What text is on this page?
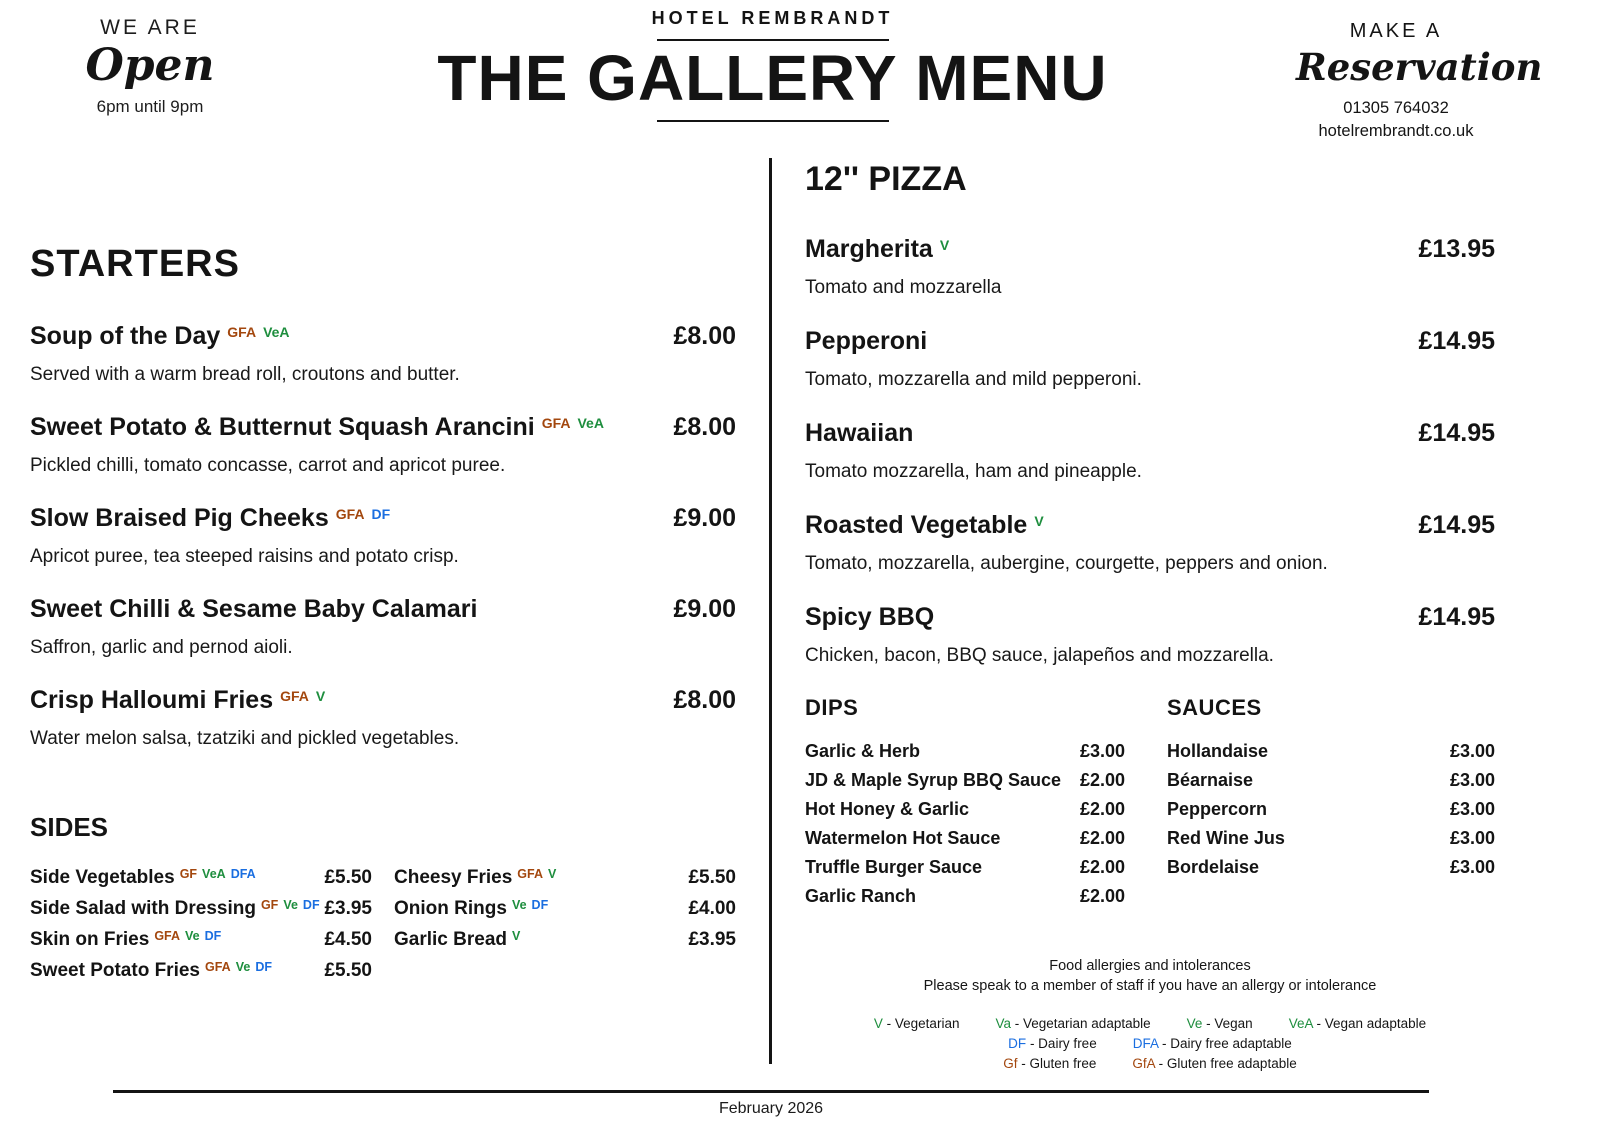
WE ARE
Open
6pm until 9pm
HOTEL REMBRANDT
THE GALLERY MENU
MAKE A
Reservation
01305 764032
hotelrembrandt.co.uk
STARTERS
Soup of the Day GFA VeA	£8.00
Served with a warm bread roll, croutons and butter.
Sweet Potato & Butternut Squash Arancini GFA VeA	£8.00
Pickled chilli, tomato concasse, carrot and apricot puree.
Slow Braised Pig Cheeks GFA DF	£9.00
Apricot puree, tea steeped raisins and potato crisp.
Sweet Chilli & Sesame Baby Calamari	£9.00
Saffron, garlic and pernod aioli.
Crisp Halloumi Fries GFA V	£8.00
Water melon salsa, tzatziki and pickled vegetables.
SIDES
Side Vegetables $^{GF}$ $^{VeA}$ $^{DFA}$	£5.50
Side Salad with Dressing $^{GF}$ $^{Ve}$ $^{DF}$ £3.95
Skin on Fries $^{GFA}$ $^{Ve}$ $^{DF}$	£4.50
Sweet Potato Fries $^{GFA}$ $^{Ve}$ $^{DF}$	£5.50
Cheesy Fries $^{GFA}$ $^V$	£5.50
Onion Rings $^{Ve}$ $^{DF}$	£4.00
Garlic Bread $^V$	£3.95
12'' PIZZA
Margherita V	£13.95
Tomato and mozzarella
Pepperoni	£14.95
Tomato, mozzarella and mild pepperoni.
Hawaiian	£14.95
Tomato mozzarella, ham and pineapple.
Roasted Vegetable V	£14.95
Tomato, mozzarella, aubergine, courgette, peppers and onion.
Spicy BBQ	£14.95
Chicken, bacon, BBQ sauce, jalapeños and mozzarella.
DIPS
Garlic & Herb	£3.00
JD & Maple Syrup BBQ Sauce £2.00
Hot Honey & Garlic	£2.00
Watermelon Hot Sauce	£2.00
Truffle Burger Sauce	£2.00
Garlic Ranch	£2.00
SAUCES
Hollandaise	£3.00
Béarnaise	£3.00
Peppercorn	£3.00
Red Wine Jus	£3.00
Bordelaise	£3.00
Food allergies and intolerances
Please speak to a member of staff if you have an allergy or intolerance
V - Vegetarian	Va - Vegetarian adaptable	Ve - Vegan	VeA - Vegan adaptable
DF - Dairy free	DFA - Dairy free adaptable
Gf - Gluten free	GfA - Gluten free adaptable
February 2026
